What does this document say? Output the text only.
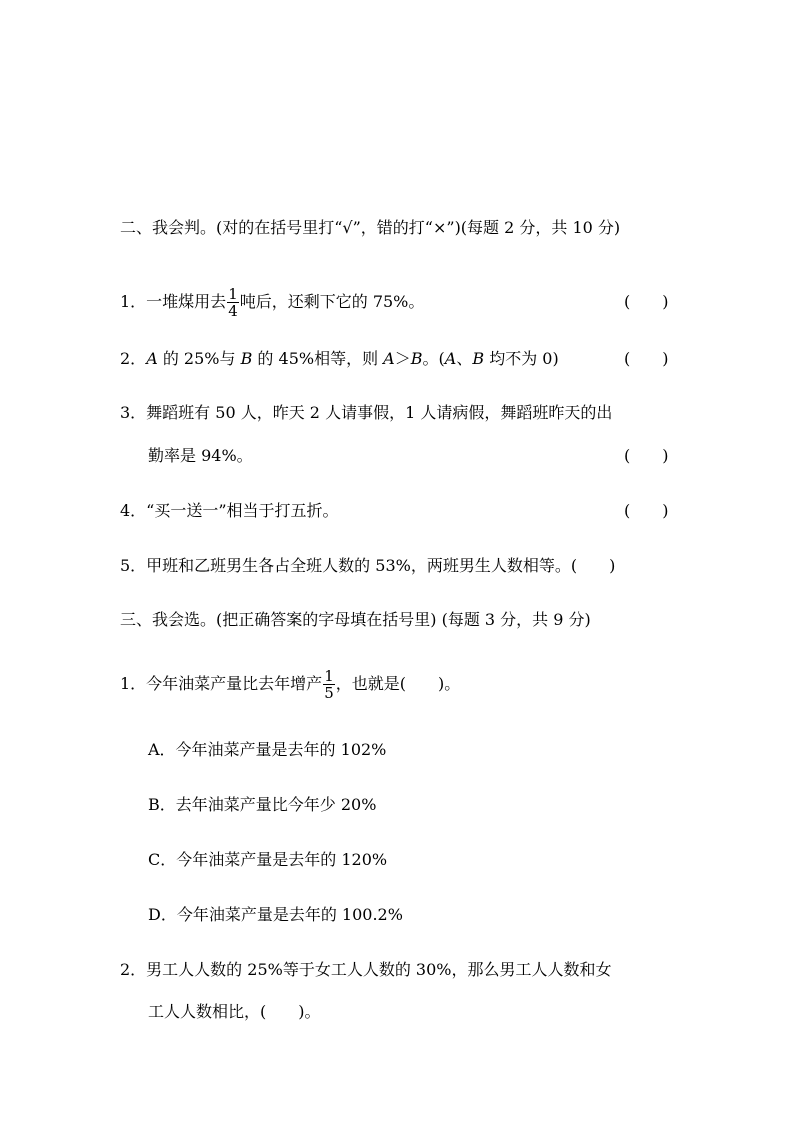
二、我会判。(对的在括号里打“√”，错的打“×”)(每题 2 分，共 10 分)
1．一堆煤用去 $\frac{1}{4}$ 吨后，还剩下它的 75%。	(　　)
2．A 的 25%与 B 的 45%相等，则 A＞B。(A、B 均不为 0)	(　　)
3．舞蹈班有 50 人，昨天 2 人请事假，1 人请病假，舞蹈班昨天的出
勤率是 94%。	(　　)
4．“买一送一”相当于打五折。	(　　)
5．甲班和乙班男生各占全班人数的 53%，两班男生人数相等。(　　)
三、我会选。(把正确答案的字母填在括号里) (每题 3 分，共 9 分)
1．今年油菜产量比去年增产 $\frac{1}{5}$ ，也就是(　　)。
A．今年油菜产量是去年的 102%
B．去年油菜产量比今年少 20%
C．今年油菜产量是去年的 120%
D．今年油菜产量是去年的 100.2%
2．男工人人数的 25%等于女工人人数的 30%，那么男工人人数和女
工人人数相比，(　　)。
